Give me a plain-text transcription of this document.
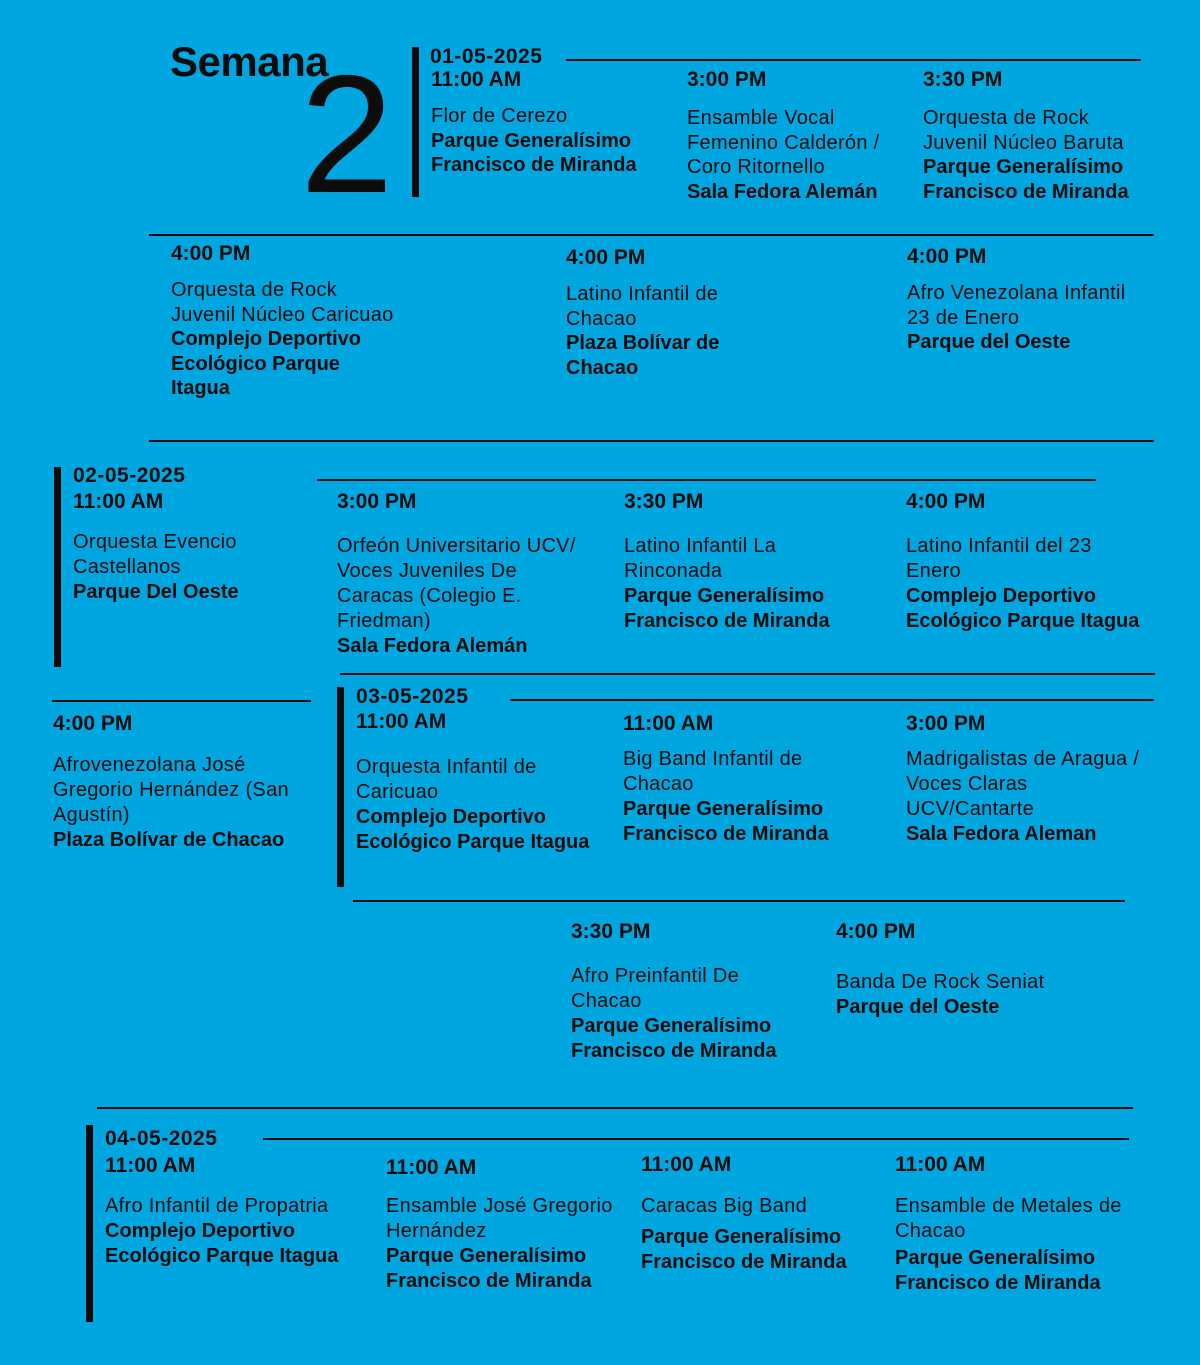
Semana
2 01-05-2025
11:00 AM
Flor de Cerezo
Parque Generalísimo Francisco de Miranda
3:00 PM
Ensamble Vocal Femenino Calderón / Coro Ritornello
Sala Fedora Alemán
3:30 PM
Orquesta de Rock Juvenil Núcleo Baruta
Parque Generalísimo Francisco de Miranda
4:00 PM
Orquesta de Rock Juvenil Núcleo Caricuao
Complejo Deportivo Ecológico Parque Itagua
4:00 PM
Latino Infantil de Chacao
Plaza Bolívar de Chacao
4:00 PM
Afro Venezolana Infantil 23 de Enero
Parque del Oeste
02-05-2025
11:00 AM
Orquesta Evencio Castellanos
Parque Del Oeste
3:00 PM
Orfeón Universitario UCV/ Voces Juveniles De Caracas (Colegio E. Friedman)
Sala Fedora Alemán
3:30 PM
Latino Infantil La Rinconada
Parque Generalísimo Francisco de Miranda
4:00 PM
Latino Infantil del 23 Enero
Complejo Deportivo Ecológico Parque Itagua
4:00 PM
Afrovenezolana José Gregorio Hernández (San Agustín)
Plaza Bolívar de Chacao
03-05-2025
11:00 AM
Orquesta Infantil de Caricuao
Complejo Deportivo Ecológico Parque Itagua
11:00 AM
Big Band Infantil de Chacao
Parque Generalísimo Francisco de Miranda
3:00 PM
Madrigalistas de Aragua / Voces Claras UCV/Cantarte
Sala Fedora Aleman
3:30 PM
Afro Preinfantil De Chacao
Parque Generalísimo Francisco de Miranda
4:00 PM
Banda De Rock Seniat
Parque del Oeste
04-05-2025
11:00 AM
Afro Infantil de Propatria
Complejo Deportivo Ecológico Parque Itagua
11:00 AM
Ensamble José Gregorio Hernández
Parque Generalísimo Francisco de Miranda
11:00 AM
Caracas Big Band
Parque Generalísimo Francisco de Miranda
11:00 AM
Ensamble de Metales de Chacao
Parque Generalísimo Francisco de Miranda
